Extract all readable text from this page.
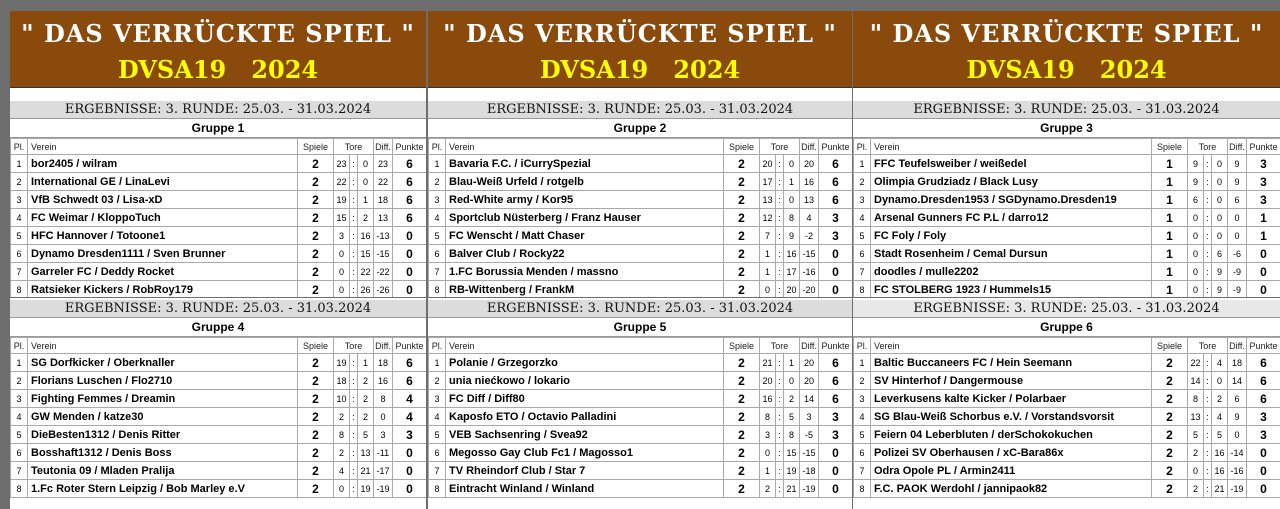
" DAS VERRÜCKTE SPIEL "
DVSA19   2024
ERGEBNISSE: 3. RUNDE: 25.03. - 31.03.2024
Gruppe 1
Pl.	Verein	Spiele	Tore			Diff.	Punkte
1	bor2405 / wilram	2	23	:	0	23	6
2	International GE / LinaLevi	2	22	:	0	22	6
3	VfB Schwedt 03 / Lisa-xD	2	19	:	1	18	6
4	FC Weimar / KloppoTuch	2	15	:	2	13	6
5	HFC Hannover / Totoone1	2	3	:	16	-13	0
6	Dynamo Dresden1111 / Sven Brunner	2	0	:	15	-15	0
7	Garreler FC / Deddy Rocket	2	0	:	22	-22	0
8	Ratsieker Kickers / RobRoy179	2	0	:	26	-26	0
" DAS VERRÜCKTE SPIEL "
DVSA19   2024
ERGEBNISSE: 3. RUNDE: 25.03. - 31.03.2024
Gruppe 2
Pl.	Verein	Spiele	Tore			Diff.	Punkte
1	Bavaria F.C. / iCurrySpezial	2	20	:	0	20	6
2	Blau-Weiß Urfeld / rotgelb	2	17	:	1	16	6
3	Red-White army / Kor95	2	13	:	0	13	6
4	Sportclub Nüsterberg / Franz Hauser	2	12	:	8	4	3
5	FC Wenscht / Matt Chaser	2	7	:	9	-2	3
6	Balver Club / Rocky22	2	1	:	16	-15	0
7	1.FC Borussia Menden / massno	2	1	:	17	-16	0
8	RB-Wittenberg / FrankM	2	0	:	20	-20	0
" DAS VERRÜCKTE SPIEL "
DVSA19   2024
ERGEBNISSE: 3. RUNDE: 25.03. - 31.03.2024
Gruppe 3
Pl.	Verein	Spiele	Tore			Diff.	Punkte
1	FFC Teufelsweiber / weißedel	1	9	:	0	9	3
2	Olimpia Grudziadz / Black Lusy	1	9	:	0	9	3
3	Dynamo.Dresden1953 / SGDynamo.Dresden19	1	6	:	0	6	3
4	Arsenal Gunners FC P.L / darro12	1	0	:	0	0	1
5	FC Foly / Foly	1	0	:	0	0	1
6	Stadt Rosenheim / Cemal Dursun	1	0	:	6	-6	0
7	doodles / mulle2202	1	0	:	9	-9	0
8	FC STOLBERG 1923 / Hummels15	1	0	:	9	-9	0
ERGEBNISSE: 3. RUNDE: 25.03. - 31.03.2024
Gruppe 4
Pl.	Verein	Spiele	Tore			Diff.	Punkte
1	SG Dorfkicker / Oberknaller	2	19	:	1	18	6
2	Florians Luschen / Flo2710	2	18	:	2	16	6
3	Fighting Femmes / Dreamin	2	10	:	2	8	4
4	GW Menden / katze30	2	2	:	2	0	4
5	DieBesten1312 / Denis Ritter	2	8	:	5	3	3
6	Bosshaft1312 / Denis Boss	2	2	:	13	-11	0
7	Teutonia 09 / Mladen Pralija	2	4	:	21	-17	0
8	1.Fc Roter Stern Leipzig / Bob Marley e.V	2	0	:	19	-19	0
ERGEBNISSE: 3. RUNDE: 25.03. - 31.03.2024
Gruppe 5
Pl.	Verein	Spiele	Tore			Diff.	Punkte
1	Polanie / Grzegorzko	2	21	:	1	20	6
2	unia niećkowo / lokario	2	20	:	0	20	6
3	FC Diff / Diff80	2	16	:	2	14	6
4	Kaposfo ETO / Octavio Palladini	2	8	:	5	3	3
5	VEB Sachsenring / Svea92	2	3	:	8	-5	3
6	Megosso Gay Club Fc1 / Magosso1	2	0	:	15	-15	0
7	TV Rheindorf Club / Star 7	2	1	:	19	-18	0
8	Eintracht Winland / Winland	2	2	:	21	-19	0
ERGEBNISSE: 3. RUNDE: 25.03. - 31.03.2024
Gruppe 6
Pl.	Verein	Spiele	Tore			Diff.	Punkte
1	Baltic Buccaneers FC / Hein Seemann	2	22	:	4	18	6
2	SV Hinterhof / Dangermouse	2	14	:	0	14	6
3	Leverkusens kalte Kicker / Polarbaer	2	8	:	2	6	6
4	SG Blau-Weiß Schorbus e.V. / Vorstandsvorsit	2	13	:	4	9	3
5	Feiern 04 Leberbluten / derSchokokuchen	2	5	:	5	0	3
6	Polizei SV Oberhausen / xC-Bara86x	2	2	:	16	-14	0
7	Odra Opole PL / Armin2411	2	0	:	16	-16	0
8	F.C. PAOK Werdohl / jannipaok82	2	2	:	21	-19	0
